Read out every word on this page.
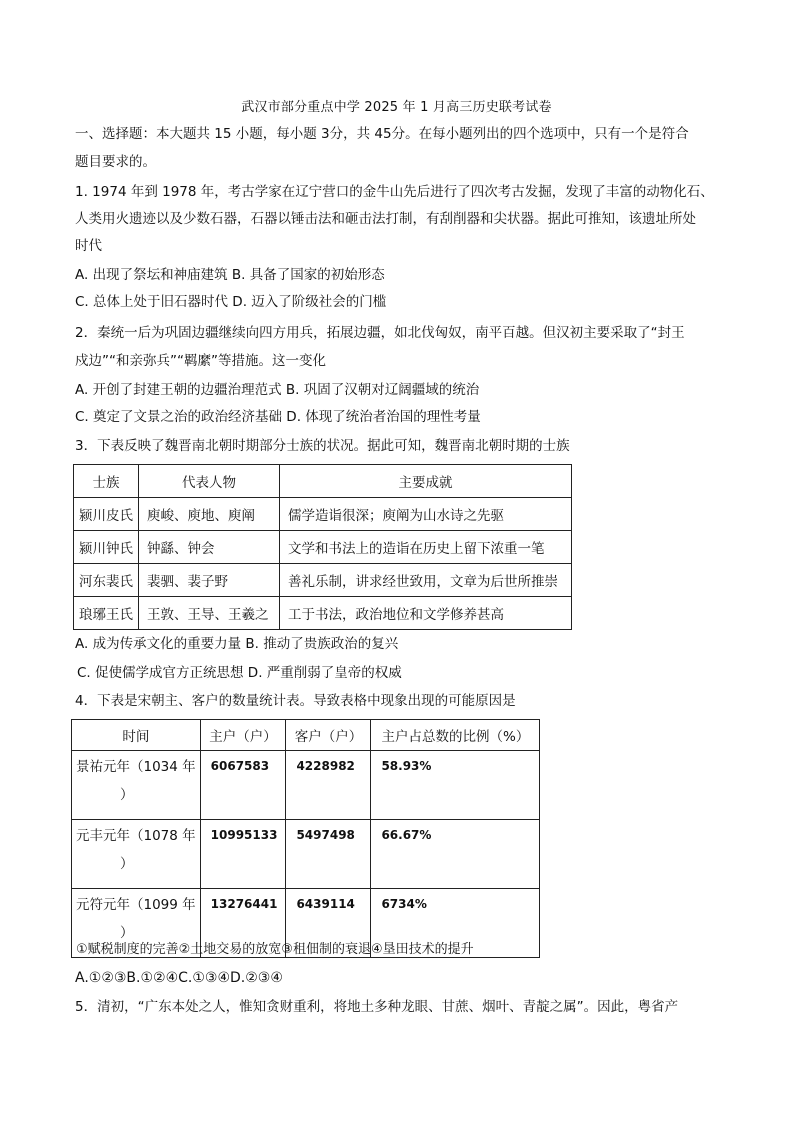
武汉市部分重点中学 2025 年 1 月高三历史联考试卷
一、选择题：本大题共 15 小题，每小题 3分，共 45分。在每小题列出的四个选项中，只有一个是符合
题目要求的。
1. 1974 年到 1978 年，考古学家在辽宁营口的金牛山先后进行了四次考古发掘，发现了丰富的动物化石、
人类用火遗迹以及少数石器，石器以锤击法和砸击法打制，有刮削器和尖状器。据此可推知，该遗址所处
时代
A. 出现了祭坛和神庙建筑 B. 具备了国家的初始形态
C. 总体上处于旧石器时代 D. 迈入了阶级社会的门槛
2．秦统一后为巩固边疆继续向四方用兵，拓展边疆，如北伐匈奴，南平百越。但汉初主要采取了“封王
戍边”“和亲弥兵”“羁縻”等措施。这一变化
A. 开创了封建王朝的边疆治理范式 B. 巩固了汉朝对辽阔疆域的统治
C. 奠定了文景之治的政治经济基础 D. 体现了统治者治国的理性考量
3．下表反映了魏晋南北朝时期部分士族的状况。据此可知，魏晋南北朝时期的士族
士族	代表人物	主要成就
颍川皮氏	庾峻、庾地、庾阐	儒学造诣很深；庾阐为山水诗之先驱
颍川钟氏	钟繇、钟会	文学和书法上的造诣在历史上留下浓重一笔
河东裴氏	裴驷、裴子野	善礼乐制，讲求经世致用，文章为后世所推崇
琅琊王氏	王敦、王导、王羲之	工于书法，政治地位和文学修养甚高
A. 成为传承文化的重要力量 B. 推动了贵族政治的复兴
C. 促使儒学成官方正统思想 D. 严重削弱了皇帝的权威
4．下表是宋朝主、客户的数量统计表。导致表格中现象出现的可能原因是
时间	主户（户）	客户（户）	主户占总数的比例（%）
景祐元年（1034 年
）	6067583	4228982	58.93%
元丰元年（1078 年
）	10995133	5497498	66.67%
元符元年（1099 年
）	13276441	6439114	6734%
①赋税制度的完善②土地交易的放宽③租佃制的衰退④垦田技术的提升
A.①②③B.①②④C.①③④D.②③④
5．清初，“广东本处之人，惟知贪财重利，将地土多种龙眼、甘蔗、烟叶、青靛之属”。因此，粤省产
